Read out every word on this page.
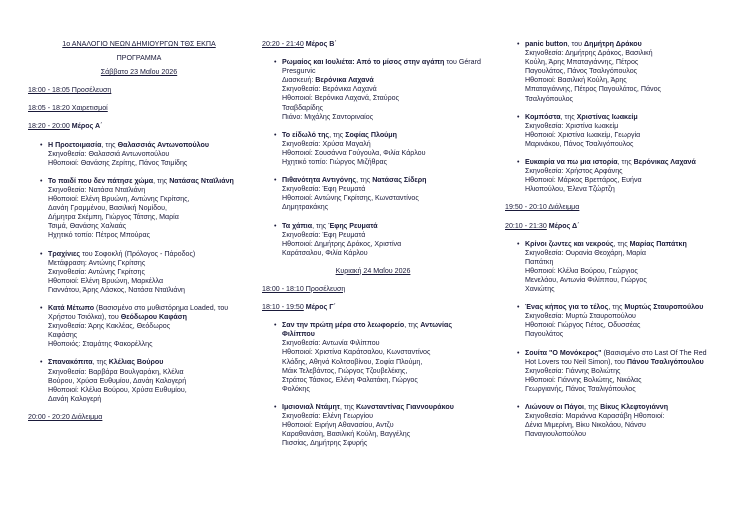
1ο ΑΝΑΛΟΓΙΟ ΝΕΩΝ ΔΗΜΙΟΥΡΓΩΝ ΤΘΣ ΕΚΠΑ

ΠΡΟΓΡΑΜΜΑ

Σάββατο 23 Μαΐου 2026

18:00 - 18:05 Προσέλευση

18:05 - 18:20 Χαιρετισμοί

18:20 - 20:00 Μέρος Α΄

• Η Προετοιμασία, της Θαλασσιάς Αντωνοπούλου

Σκηνοθεσία: Θαλασσιά Αντωνοπούλου

Ηθοποιοί: Θανάσης Ζερίτης, Πάνος Τσιμίδης

• Το παιδί που δεν πάτησε χώμα, της Νατάσας Νταϊλιάνη

Σκηνοθεσία: Νατάσα Νταϊλιάνη

Ηθοποιοί: Ελένη Βρυώνη, Αντώνης Γκρίτσης,

Δανάη Γραμμένου, Βασιλική Νομίδου,

Δήμητρα Σκέμπη, Γιώργος Τάτσης, Μαρία

Τσιμά, Θανάσης Χαλιαάς

Ηχητικό τοπίο: Πέτρος Μπούρας

• Τραχίνιες του Σοφοκλή (Πρόλογος - Πάροδος)

Μετάφραση: Αντώνης Γκρίτσης

Σκηνοθεσία: Αντώνης Γκρίτσης

Ηθοποιοί: Ελένη Βρυώνη, Μαρκέλλα

Γιαννάτου, Άρης Λάσκος, Νατάσα Νταϊλιάνη

• Κατά Μέτωπο (Βασισμένο στο μυθιστόρημα Loaded, του Χρήστου Τσιόλκα), του Θεόδωρου Καφάση

Σκηνοθεσία: Άρης Κακλέας, Θεόδωρος

Καφάσης

Ηθοποιός: Σταμάτης Φακορέλλης

• Σπανακόπιτα, της Κλέλιας Βούρου

Σκηνοθεσία: Βαρβάρα Βουλγαράκη, Κλέλια

Βούρου, Χρύσα Ευθυμίου, Δανάη Καλογερή

Ηθοποιοί: Κλέλια Βούρου, Χρύσα Ευθυμίου,

Δανάη Καλογερή

20:00 - 20:20 Διάλειμμα

20:20 - 21:40 Μέρος Β΄

• Ρωμαίος και Ιουλιέτα: Από το μίσος στην αγάπη του Gérard Presgurvic

Διασκευή: Βερόνικα Λαχανά

Σκηνοθεσία: Βερόνικα Λαχανά

Ηθοποιοί: Βερόνικα Λαχανά, Σταύρος

Τσαβδαρίδης

Πιάνο: Μιχάλης Σαντοριναίος

• Το είδωλό της, της Σοφίας Πλούμη

Σκηνοθεσία: Χρύσα Μαγαλή

Ηθοποιοί: Σουσάννα Γούγουλα, Φιλία Κάρλου

Ηχητικό τοπίο: Γιώργος Μιζήθρας

• Πιθανότητα Αντιγόνης, της Νατάσας Σίδερη

Σκηνοθεσία: Έφη Ρευματά

Ηθοποιοί: Αντώνης Γκρίτσης, Κωνσταντίνος

Δημητρακάκης

• Τα χάπια, της Έφης Ρευματά

Σκηνοθεσία: Έφη Ρευματά

Ηθοποιοί: Δημήτρης Δράκος, Χριστίνα

Καράτσαλου, Φιλία Κάρλου

Κυριακή 24 Μαΐου 2026

18:00 - 18:10 Προσέλευση

18:10 - 19:50 Μέρος Γ΄

• Σαν την πρώτη μέρα στο λεωφορείο, της Αντωνίας Φιλίππου

Σκηνοθεσία: Αντωνία Φιλίππου

Ηθοποιοί: Χριστίνα Καράτσαλου, Κωνσταντίνος

Κλάδης, Αθηνά Κολτσοβίνου, Σοφία Πλούμη,

Μάικ Τελεβάντος, Γιώργος Τζουβελέκης,

Στράτος Τάσκος, Ελένη Φαλατάκη, Γιώργος

Φολόκης

• Ιμσιονιαλ Ντάμητ, της Κωνσταντίνας Γιαννουράκου

Σκηνοθεσία: Ελένη Γεωργίου

Ηθοποιοί: Ειρήνη Αθανασίου, Αντζυ

Καραθανάση, Βασιλική Κούλη, Βαγγέλης

Πισσίας, Δημήτρης Σφυρής

• panic button, του Δημήτρη Δράκου

Σκηνοθεσία: Δημήτρης Δράκος, Βασιλική

Κούλη, Άρης Μπαταγιάννης, Πέτρος

Παγουλάτος, Πάνος Τσαλιγόπουλος

Ηθοποιοί: Βασιλική Κούλη, Άρης

Μπαταγιάννης, Πέτρος Παγουλάτος, Πάνος

Τσαλιγόπουλος

• Κομπόστα, της Χριστίνας Ιωακείμ

Σκηνοθεσία: Χριστίνα Ιωακείμ

Ηθοποιοί: Χριστίνα Ιωακείμ, Γεωργία

Μαρινάκου, Πάνος Τσαλιγόπουλος

• Ευκαιρία να πω μια ιστορία, της Βερόνικας Λαχανά

Σκηνοθεσία: Χρήστος Αρφάνης

Ηθοποιοί: Μάρκος Βρεττάρος, Ευήνα

Ηλιοπούλου, Έλενα Τζώρτζη

19:50 - 20:10 Διάλειμμα

20:10 - 21:30 Μέρος Δ΄

• Κρίνοι ζωντες και νεκρούς, της Μαρίας Παπάτκη

Σκηνοθεσία: Ουρανία Θεοχάρη, Μαρία

Παπάτκη

Ηθοποιοί: Κλέλια Βούρου, Γεώργιος

Μενελάου, Αντωνία Φιλίππου, Γιώργος

Χανιώτης

• Ένας κήπος για το τέλος, της Μυρτώς Σταυροπούλου

Σκηνοθεσία: Μυρτώ Σταυροπούλου

Ηθοποιοί: Γιώργος Γιέτος, Οδυσσέας

Παγουλάτος

• Σουίτα "Ο Μονόκερος" (Βασισμένο στο Last Of The Red Hot Lovers του Neil Simon), του Πάνου Τσαλιγόπουλου

Σκηνοθεσία: Γιάννης Βολιώτης

Ηθοποιοί: Γιάννης Βολιώτης, Νικόλας

Γεωργιανής, Πάνος Τσαλιγόπουλος

• Λιώνουν οι Πάγοι, της Βίκυς Κλεφτογιάννη

Σκηνοθεσία: Μαριάννα Καρασάβη Ηθοποιοί:

Δένια Μιμερίνη, Βίκυ Νικολάου, Νάνσυ

Παναγιουλοπούλου
